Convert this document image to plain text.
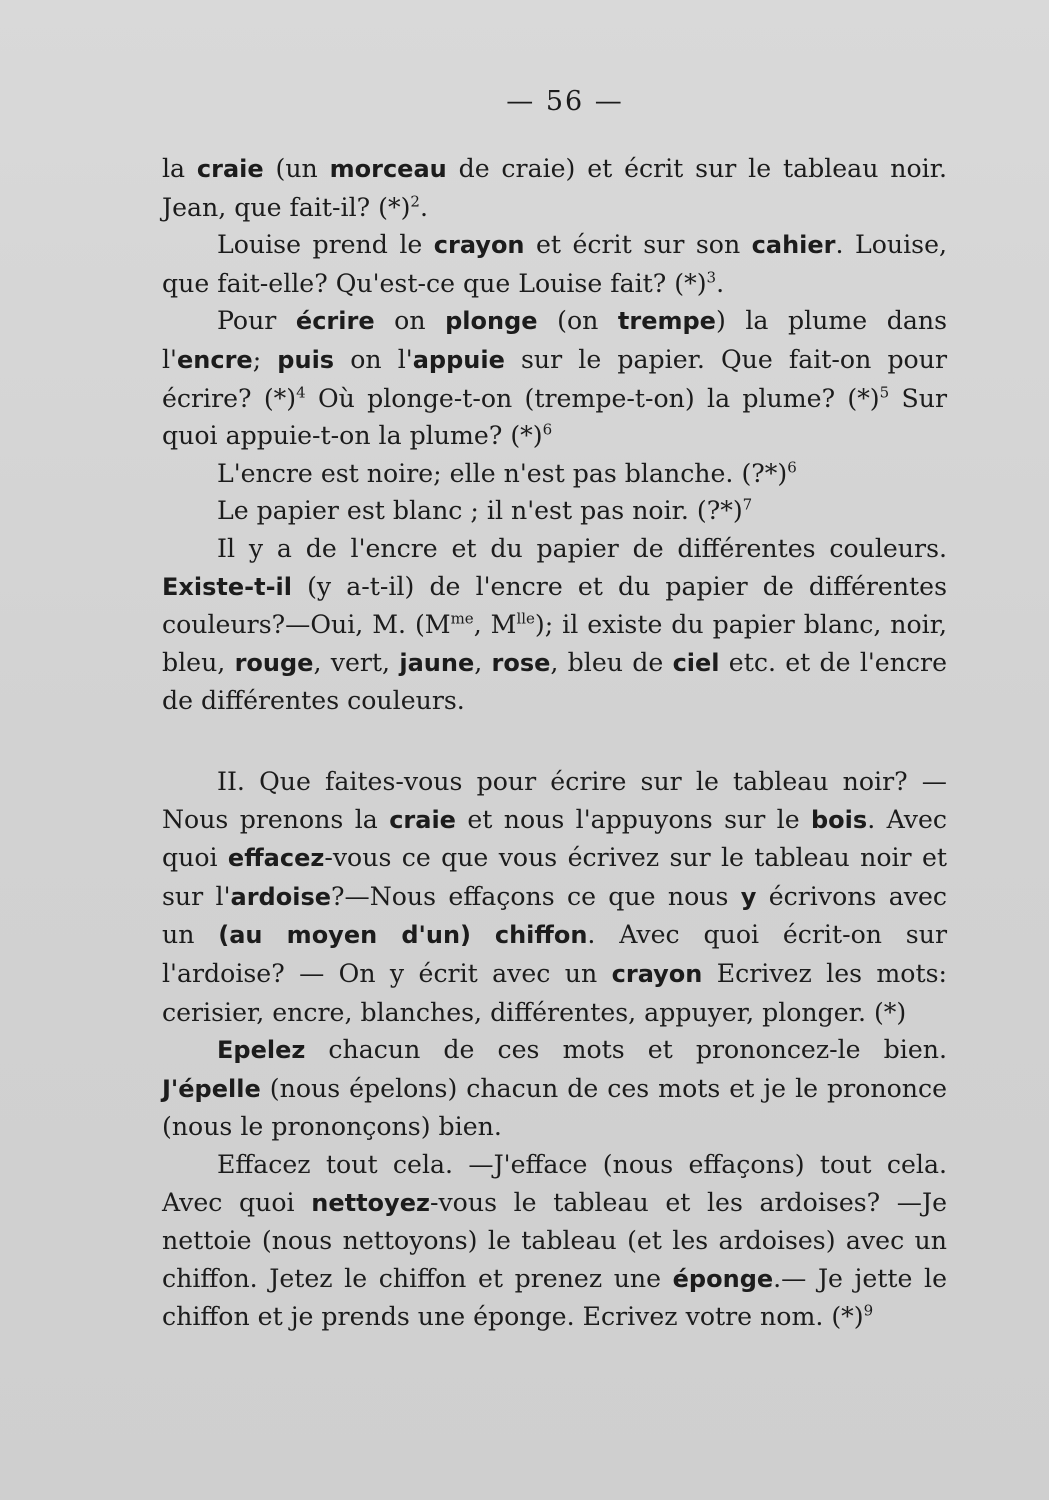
— 56 —

la craie (un morceau de craie) et écrit sur le tableau noir. Jean, que fait-il? $(*)^2$.

Louise prend le crayon et écrit sur son cahier. Louise, que fait-elle? Qu'est-ce que Louise fait? $(*)^3$.

Pour écrire on plonge (on trempe) la plume dans l'encre; puis on l'appuie sur le papier. Que fait-on pour écrire? $(*)^4$ Où plonge-t-on (trempe-t-on) la plume? $(*)^5$ Sur quoi appuie-t-on la plume? $(*)^6$

L'encre est noire; elle n'est pas blanche. (?*)$^6$

Le papier est blanc ; il n'est pas noir. (?*)$^7$

Il y a de l'encre et du papier de différentes couleurs. Existe-t-il (y a-t-il) de l'encre et du papier de différentes couleurs?—Oui, M. ($M^{me}$, $M^{lle}$); il existe du papier blanc, noir, bleu, rouge, vert, jaune, rose, bleu de ciel etc. et de l'encre de différentes couleurs.

II. Que faites-vous pour écrire sur le tableau noir? —Nous prenons la craie et nous l'appuyons sur le bois. Avec quoi effacez-vous ce que vous écrivez sur le tableau noir et sur l'ardoise?—Nous effaçons ce que nous y écrivons avec un (au moyen d'un) chiffon. Avec quoi écrit-on sur l'ardoise? — On y écrit avec un crayon Ecrivez les mots: cerisier, encre, blanches, différentes, appuyer, plonger. (*)

Epelez chacun de ces mots et prononcez-le bien. J'épelle (nous épelons) chacun de ces mots et je le prononce (nous le prononçons) bien.

Effacez tout cela. —J'efface (nous effaçons) tout cela. Avec quoi nettoyez-vous le tableau et les ardoises? —Je nettoie (nous nettoyons) le tableau (et les ardoises) avec un chiffon. Jetez le chiffon et prenez une éponge.— Je jette le chiffon et je prends une éponge. Ecrivez votre nom. $(*)^9$
